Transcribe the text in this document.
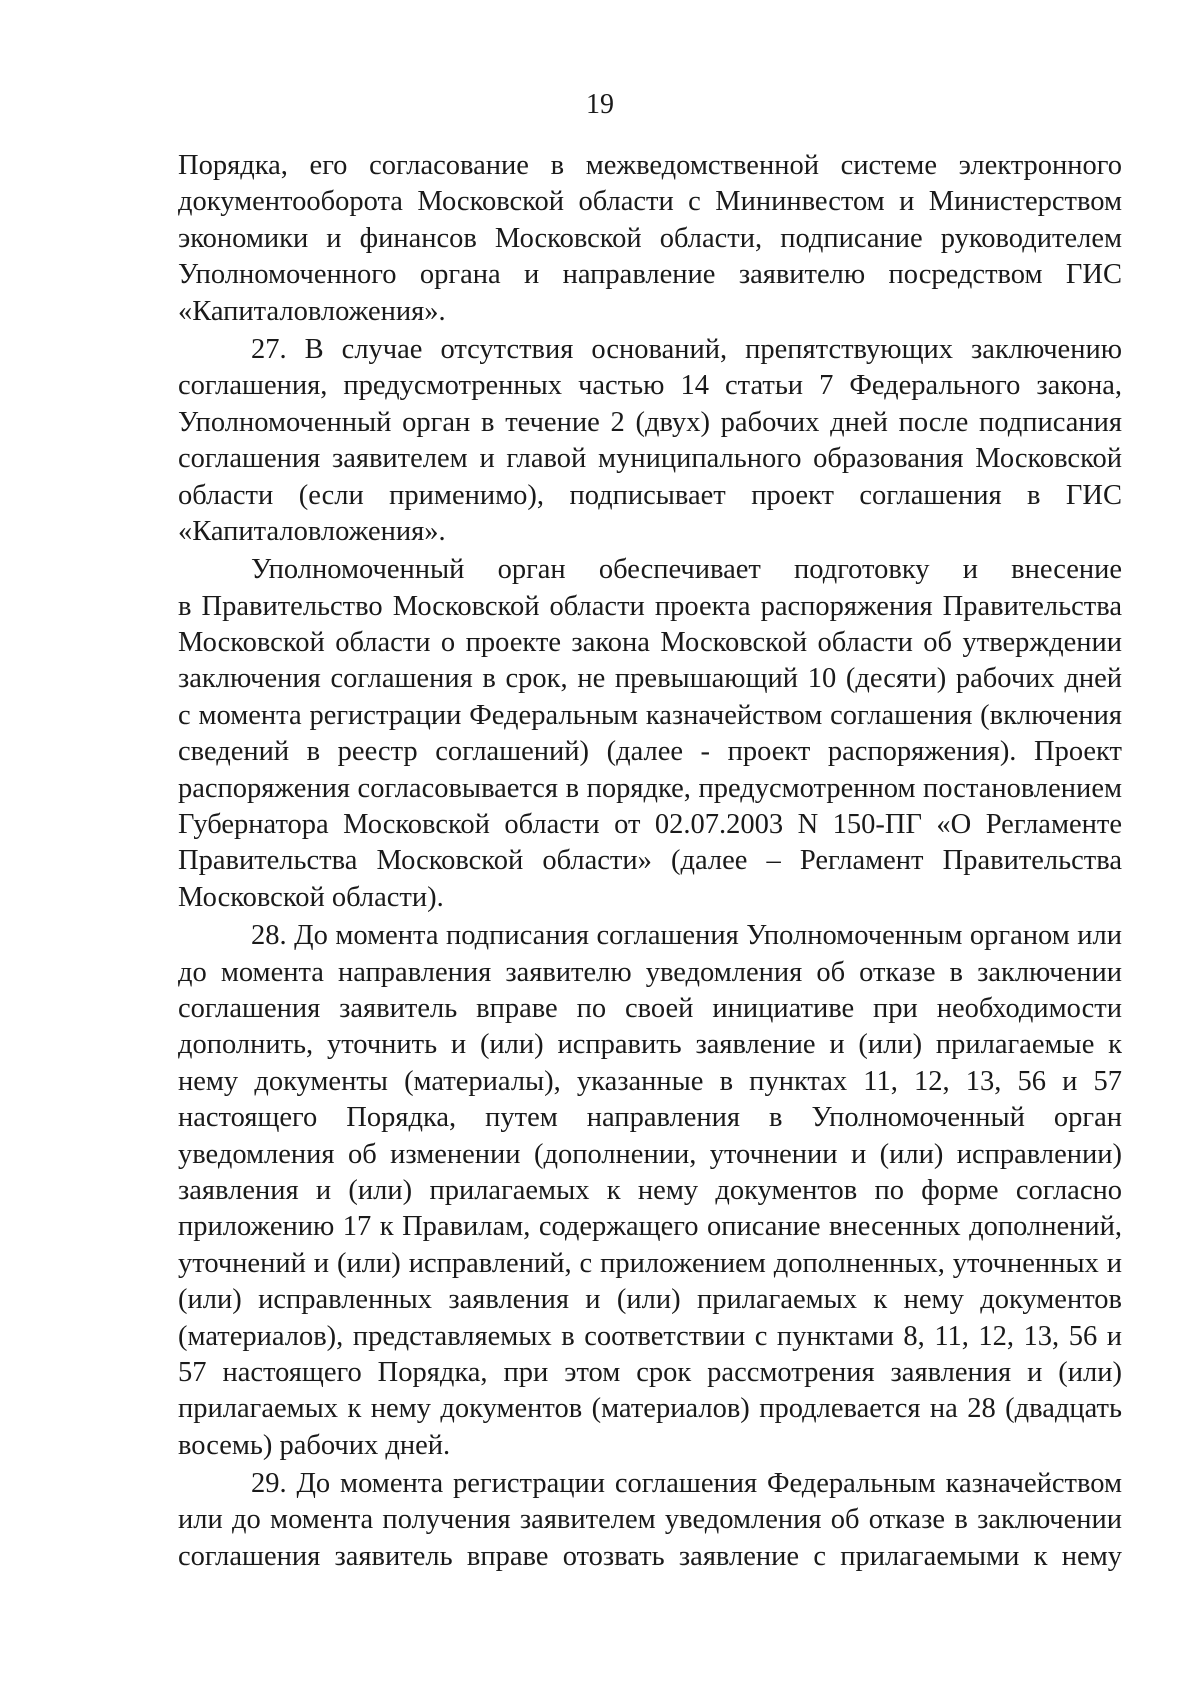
19
Порядка, его согласование в межведомственной системе электронного
документооборота Московской области с Мининвестом и Министерством
экономики и финансов Московской области, подписание руководителем
Уполномоченного органа и направление заявителю посредством ГИС
«Капиталовложения».
27. В случае отсутствия оснований, препятствующих заключению
соглашения, предусмотренных частью 14 статьи 7 Федерального закона,
Уполномоченный орган в течение 2 (двух) рабочих дней после подписания
соглашения заявителем и главой муниципального образования Московской
области (если применимо), подписывает проект соглашения в ГИС
«Капиталовложения».
Уполномоченный орган обеспечивает подготовку и внесение
в Правительство Московской области проекта распоряжения Правительства
Московской области о проекте закона Московской области об утверждении
заключения соглашения в срок, не превышающий 10 (десяти) рабочих дней
с момента регистрации Федеральным казначейством соглашения (включения
сведений в реестр соглашений) (далее - проект распоряжения). Проект
распоряжения согласовывается в порядке, предусмотренном постановлением
Губернатора Московской области от 02.07.2003 N 150-ПГ «О Регламенте
Правительства Московской области» (далее – Регламент Правительства
Московской области).
28. До момента подписания соглашения Уполномоченным органом или
до момента направления заявителю уведомления об отказе в заключении
соглашения заявитель вправе по своей инициативе при необходимости
дополнить, уточнить и (или) исправить заявление и (или) прилагаемые к
нему документы (материалы), указанные в пунктах 11, 12, 13, 56 и 57
настоящего Порядка, путем направления в Уполномоченный орган
уведомления об изменении (дополнении, уточнении и (или) исправлении)
заявления и (или) прилагаемых к нему документов по форме согласно
приложению 17 к Правилам, содержащего описание внесенных дополнений,
уточнений и (или) исправлений, с приложением дополненных, уточненных и
(или) исправленных заявления и (или) прилагаемых к нему документов
(материалов), представляемых в соответствии с пунктами 8, 11, 12, 13, 56 и
57 настоящего Порядка, при этом срок рассмотрения заявления и (или)
прилагаемых к нему документов (материалов) продлевается на 28 (двадцать
восемь) рабочих дней.
29. До момента регистрации соглашения Федеральным казначейством
или до момента получения заявителем уведомления об отказе в заключении
соглашения заявитель вправе отозвать заявление с прилагаемыми к нему
